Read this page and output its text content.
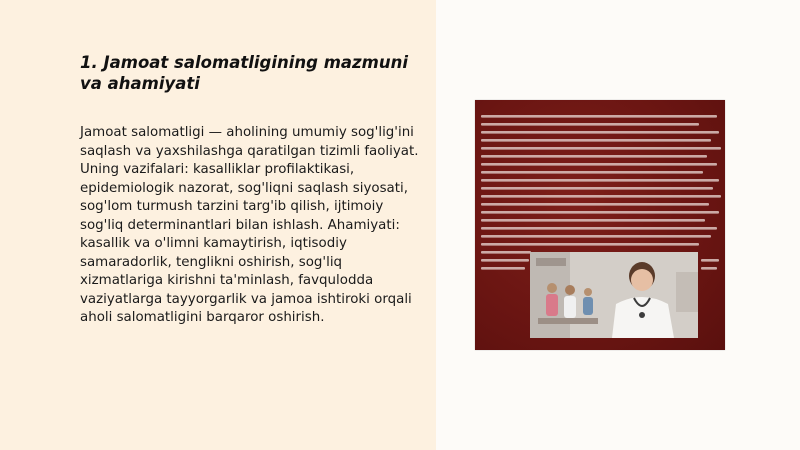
1. Jamoat salomatligining mazmuni va ahamiyati

Jamoat salomatligi — aholining umumiy sog'lig'ini saqlash va yaxshilashga qaratilgan tizimli faoliyat. Uning vazifalari: kasalliklar profilaktikasi, epidemiologik nazorat, sog'liqni saqlash siyosati, sog'lom turmush tarzini targ'ib qilish, ijtimoiy sog'liq determinantlari bilan ishlash. Ahamiyati: kasallik va o'limni kamaytirish, iqtisodiy samaradorlik, tenglikni oshirish, sog'liq xizmatlariga kirishni ta'minlash, favqulodda vaziyatlarga tayyorgarlik va jamoa ishtiroki orqali aholi salomatligini barqaror oshirish.
